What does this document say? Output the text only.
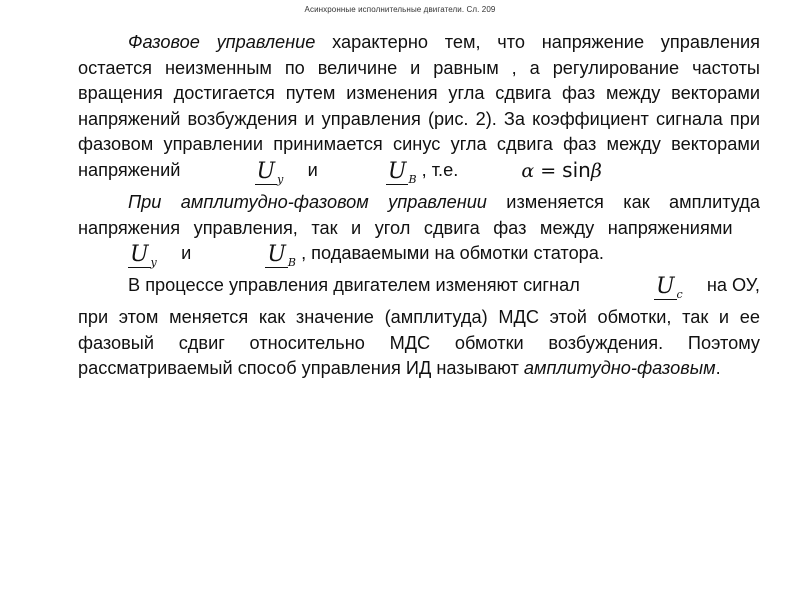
Асинхронные исполнительные двигатели. Сл. 209

Фазовое управление характерно тем, что напряжение управления остается неизменным по величине и равным , а регулирование частоты вращения достигается путем изменения угла сдвига фаз между векторами напряжений возбуждения и управления (рис. 2). За коэффициент сигнала при фазовом управлении принимается синус угла сдвига фаз между векторами напряжений	U $_у$ и	U $_В$ , т.е.	α = sinβ

При амплитудно-фазовом управлении изменяется как амплитуда напряжения управления, так и угол сдвига фаз между напряжениями  U $_у$ и	U $_В$ , подаваемыми на обмотки статора.

В процессе управления двигателем изменяют сигнал	U $_с$ на ОУ, при этом меняется как значение (амплитуда) МДС этой обмотки, так и ее фазовый сдвиг относительно МДС обмотки возбуждения. Поэтому рассматриваемый способ управления ИД называют амплитудно-фазовым.
